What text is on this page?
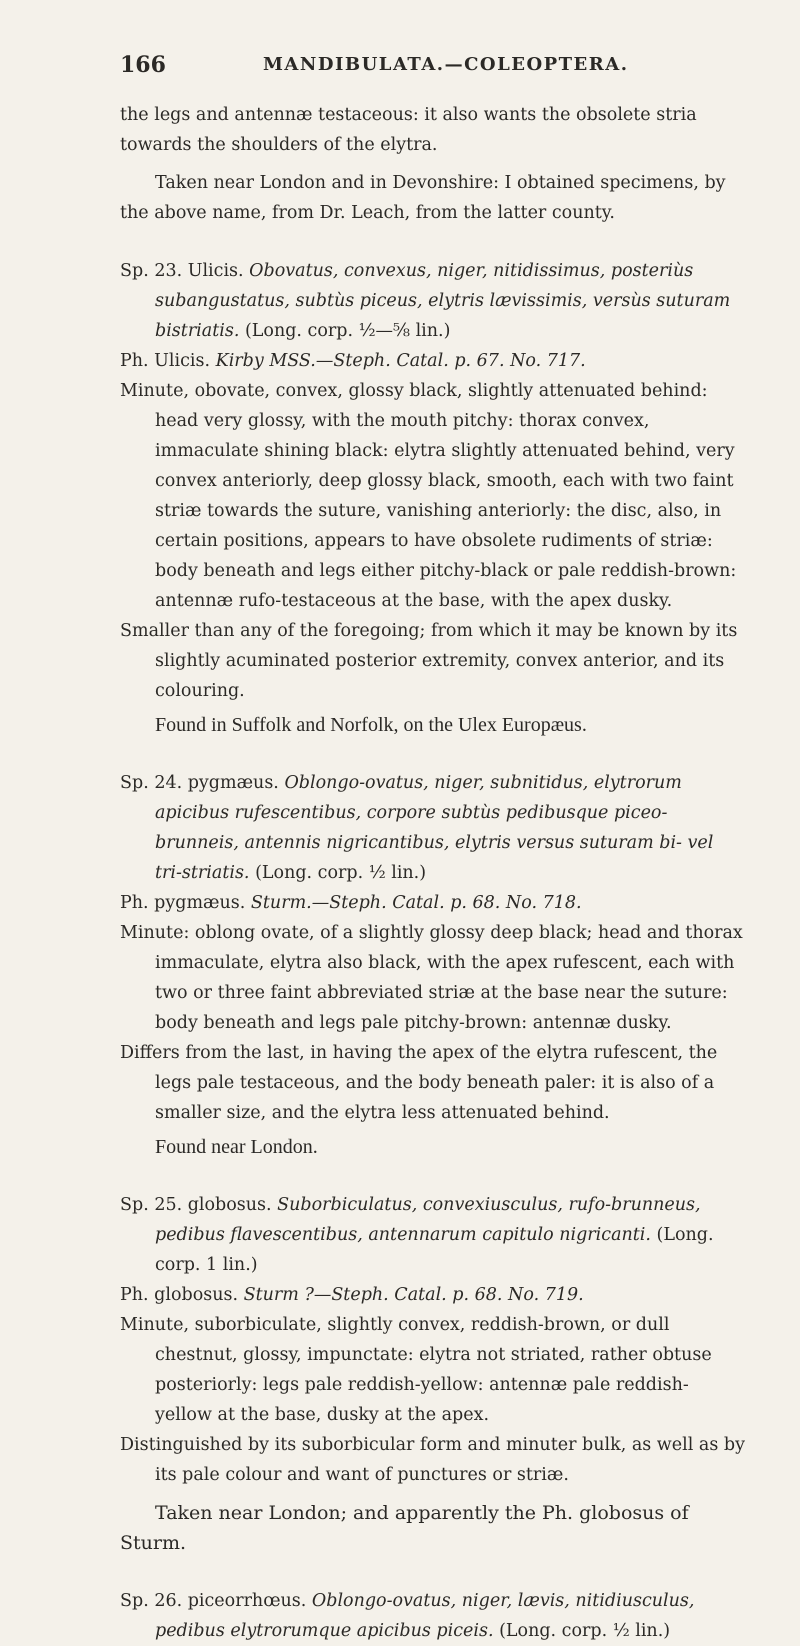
166	MANDIBULATA.—COLEOPTERA.

the legs and antennæ testaceous: it also wants the obsolete stria towards the shoulders of the elytra.

Taken near London and in Devonshire: I obtained specimens, by the above name, from Dr. Leach, from the latter county.

Sp. 23. Ulicis. Obovatus, convexus, niger, nitidissimus, posteriùs subangustatus, subtùs piceus, elytris lævissimis, versùs suturam bistriatis. (Long. corp. ½—⅝ lin.)

Ph. Ulicis. Kirby MSS.—Steph. Catal. p. 67. No. 717.

Minute, obovate, convex, glossy black, slightly attenuated behind: head very glossy, with the mouth pitchy: thorax convex, immaculate shining black: elytra slightly attenuated behind, very convex anteriorly, deep glossy black, smooth, each with two faint striæ towards the suture, vanishing anteriorly: the disc, also, in certain positions, appears to have obsolete rudiments of striæ: body beneath and legs either pitchy-black or pale reddish-brown: antennæ rufo-testaceous at the base, with the apex dusky.

Smaller than any of the foregoing; from which it may be known by its slightly acuminated posterior extremity, convex anterior, and its colouring.

Found in Suffolk and Norfolk, on the Ulex Europæus.

Sp. 24. pygmæus. Oblongo-ovatus, niger, subnitidus, elytrorum apicibus rufescentibus, corpore subtùs pedibusque piceo-brunneis, antennis nigricantibus, elytris versus suturam bi- vel tri-striatis. (Long. corp. ½ lin.)

Ph. pygmæus. Sturm.—Steph. Catal. p. 68. No. 718.

Minute: oblong ovate, of a slightly glossy deep black; head and thorax immaculate, elytra also black, with the apex rufescent, each with two or three faint abbreviated striæ at the base near the suture: body beneath and legs pale pitchy-brown: antennæ dusky.

Differs from the last, in having the apex of the elytra rufescent, the legs pale testaceous, and the body beneath paler: it is also of a smaller size, and the elytra less attenuated behind.

Found near London.

Sp. 25. globosus. Suborbiculatus, convexiusculus, rufo-brunneus, pedibus flavescentibus, antennarum capitulo nigricanti. (Long. corp. 1 lin.)

Ph. globosus. Sturm ?—Steph. Catal. p. 68. No. 719.

Minute, suborbiculate, slightly convex, reddish-brown, or dull chestnut, glossy, impunctate: elytra not striated, rather obtuse posteriorly: legs pale reddish-yellow: antennæ pale reddish-yellow at the base, dusky at the apex.

Distinguished by its suborbicular form and minuter bulk, as well as by its pale colour and want of punctures or striæ.

Taken near London; and apparently the Ph. globosus of Sturm.

Sp. 26. piceorrhœus. Oblongo-ovatus, niger, lævis, nitidiusculus, pedibus elytrorumque apicibus piceis. (Long. corp. ½ lin.)
